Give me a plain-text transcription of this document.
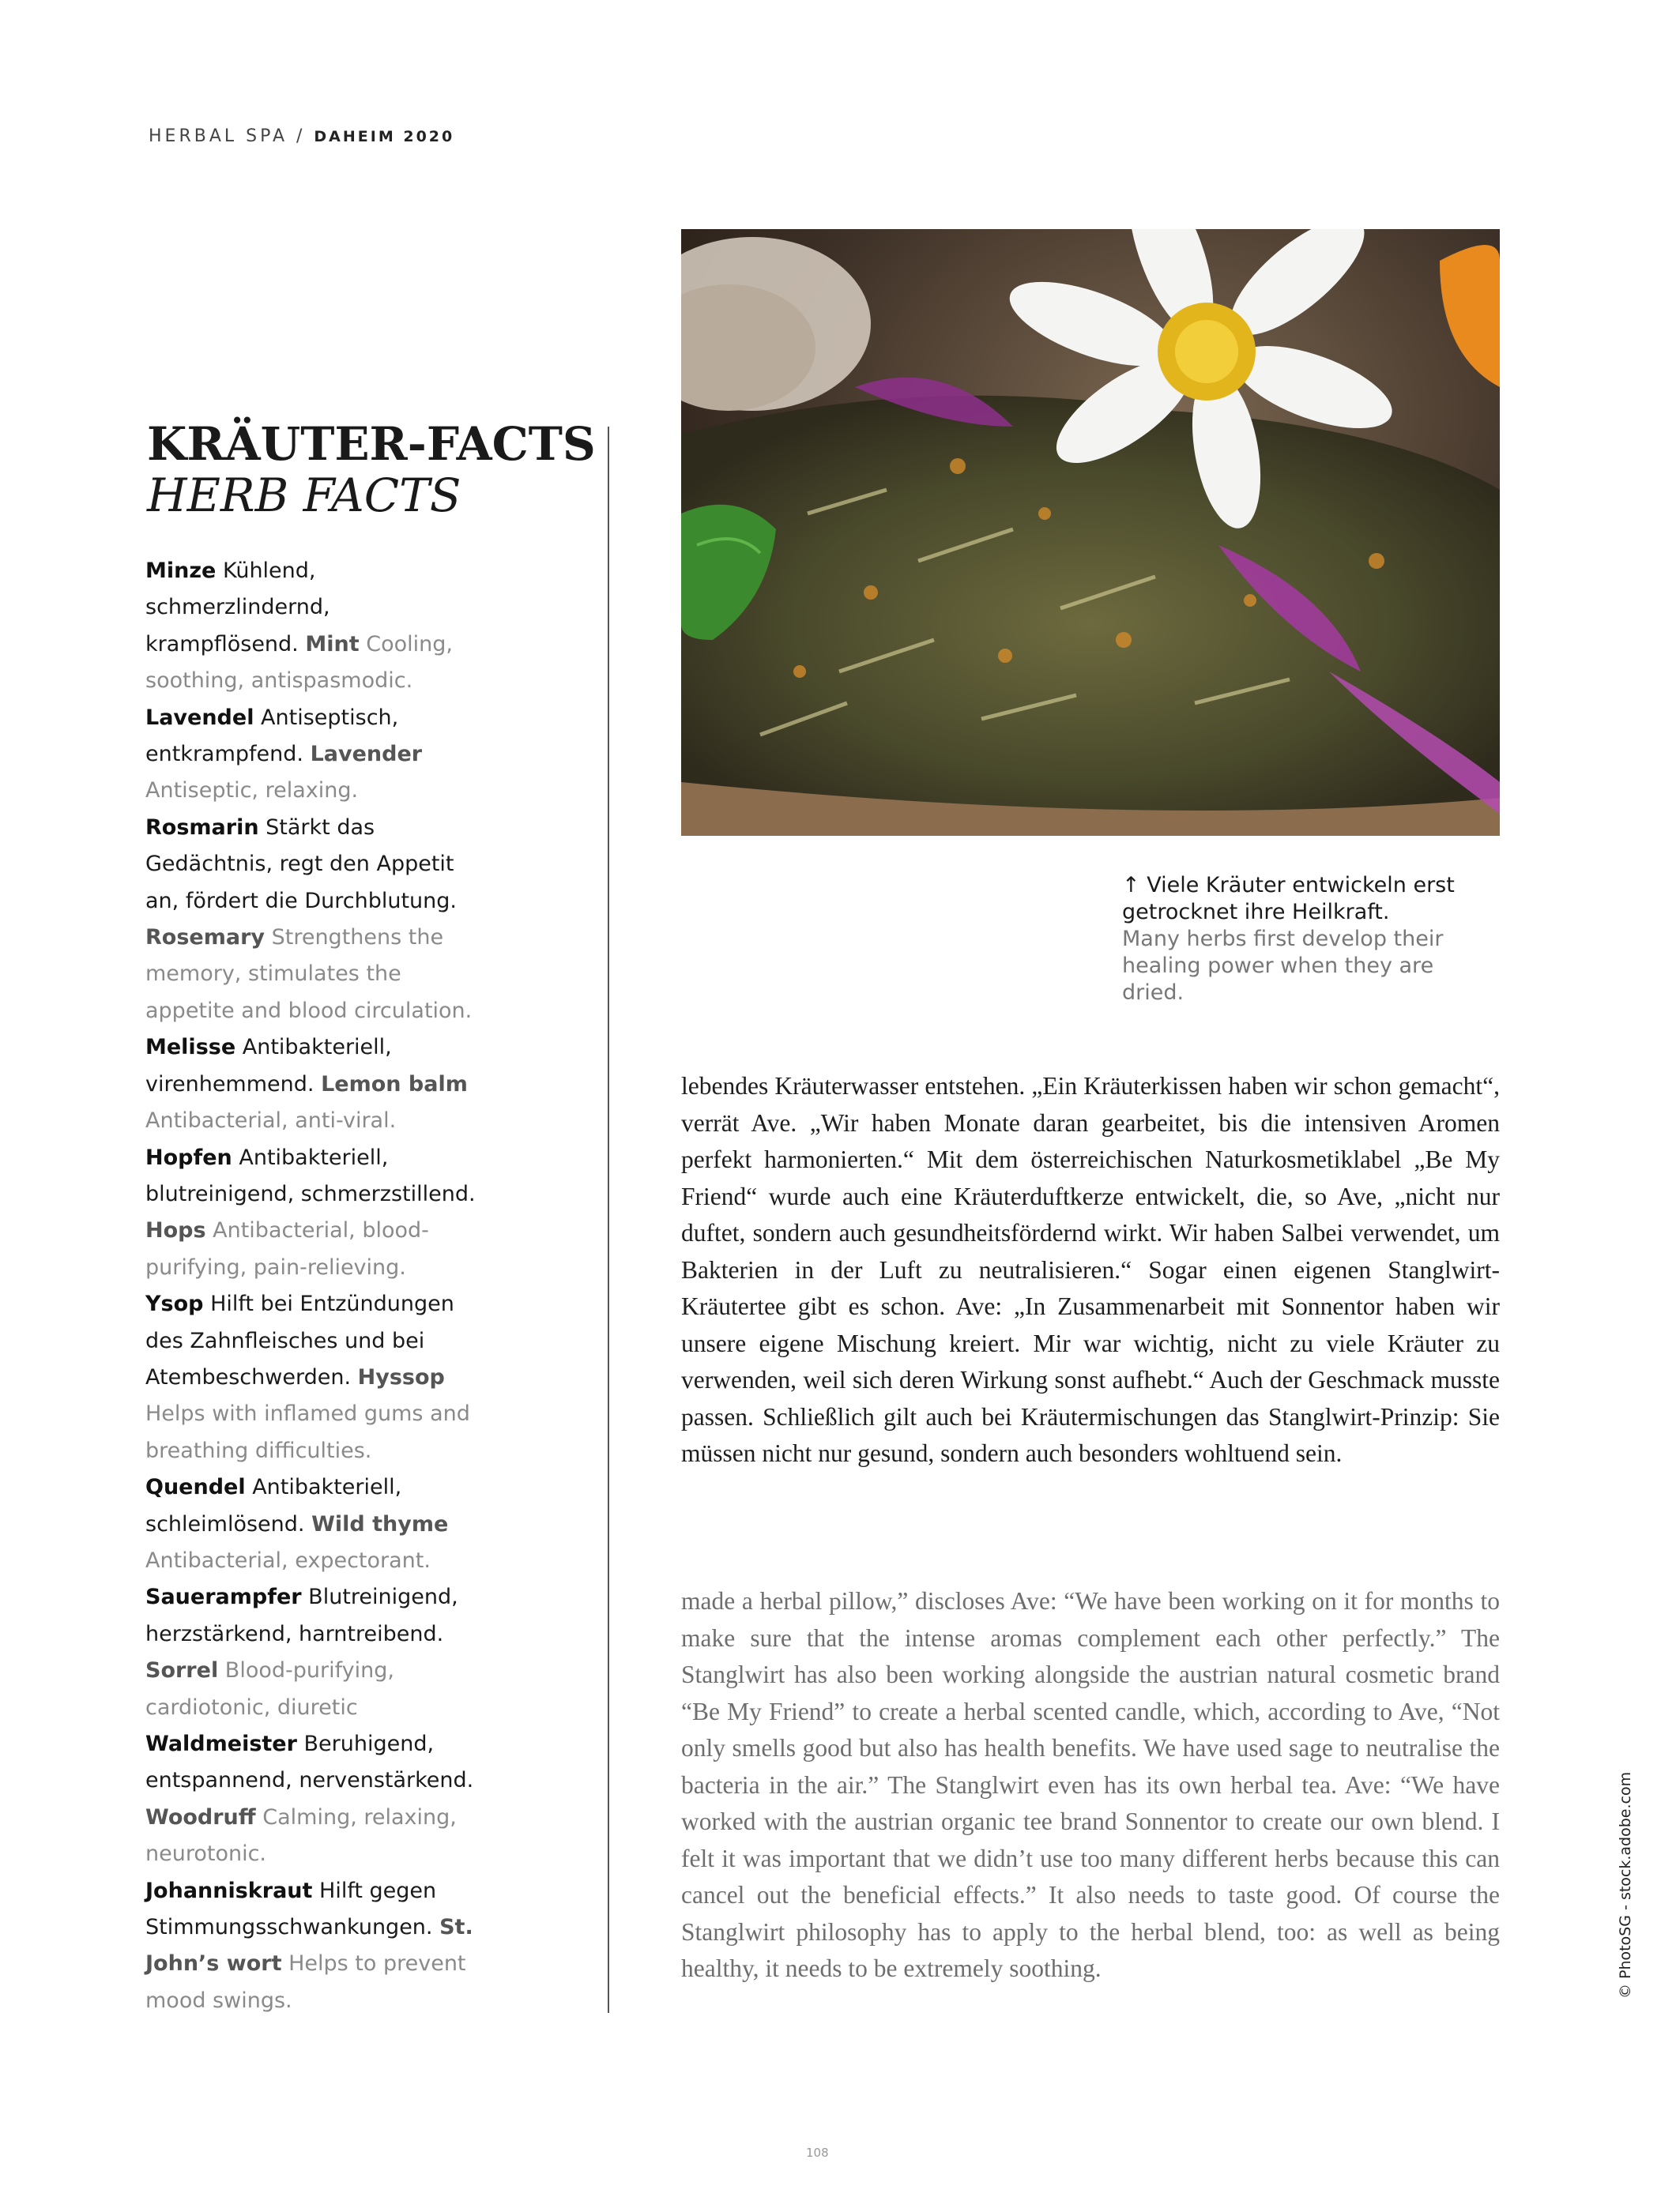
HERBAL SPA / DAHEIM 2020
↑ Viele Kräuter entwickeln erst getrocknet ihre Heilkraft.
Many herbs first develop their healing power when they are dried.
KRÄUTER-FACTS
HERB FACTS
Minze Kühlend, schmerzlindernd, krampflösend. Mint Cooling, soothing, antispasmodic.
Lavendel Antiseptisch, entkrampfend. Lavender Antiseptic, relaxing.
Rosmarin Stärkt das Gedächtnis, regt den Appetit an, fördert die Durchblutung. Rosemary Strengthens the memory, stimulates the appetite and blood circulation.
Melisse Antibakteriell, virenhemmend. Lemon balm Antibacterial, anti-viral.
Hopfen Antibakteriell, blutreinigend, schmerzstillend. Hops Antibacterial, blood-purifying, pain-relieving.
Ysop Hilft bei Entzündungen des Zahnfleisches und bei Atembeschwerden. Hyssop Helps with inflamed gums and breathing difficulties.
Quendel Antibakteriell, schleimlösend. Wild thyme Antibacterial, expectorant.
Sauerampfer Blutreinigend, herzstärkend, harntreibend. Sorrel Blood-purifying, cardiotonic, diuretic
Waldmeister Beruhigend, entspannend, nervenstärkend. Woodruff Calming, relaxing, neurotonic.
Johanniskraut Hilft gegen Stimmungsschwankungen. St. John’s wort Helps to prevent mood swings.
lebendes Kräuterwasser entstehen. „Ein Kräuterkissen haben wir schon gemacht“, verrät Ave. „Wir haben Monate daran gearbeitet, bis die intensiven Aromen perfekt harmonierten.“ Mit dem österreichischen Naturkosmetiklabel „Be My Friend“ wurde auch eine Kräuterduftkerze entwickelt, die, so Ave, „nicht nur duftet, sondern auch gesundheitsfördernd wirkt. Wir haben Salbei verwendet, um Bakterien in der Luft zu neutralisieren.“ Sogar einen eigenen Stanglwirt-Kräutertee gibt es schon. Ave: „In Zusammenarbeit mit Sonnentor haben wir unsere eigene Mischung kreiert. Mir war wichtig, nicht zu viele Kräuter zu verwenden, weil sich deren Wirkung sonst aufhebt.“ Auch der Geschmack musste passen. Schließlich gilt auch bei Kräutermischungen das Stanglwirt-Prinzip: Sie müssen nicht nur gesund, sondern auch besonders wohltuend sein.
made a herbal pillow,” discloses Ave: “We have been working on it for months to make sure that the intense aromas complement each other perfectly.” The Stanglwirt has also been working alongside the austrian natural cosmetic brand “Be My Friend” to create a herbal scented candle, which, according to Ave, “Not only smells good but also has health benefits. We have used sage to neutralise the bacteria in the air.” The Stanglwirt even has its own herbal tea. Ave: “We have worked with the austrian organic tee brand Sonnentor to create our own blend. I felt it was important that we didn’t use too many different herbs because this can cancel out the beneficial effects.” It also needs to taste good. Of course the Stanglwirt philosophy has to apply to the herbal blend, too: as well as being healthy, it needs to be extremely soothing.	© PhotoSG - stock.adobe.com
108
